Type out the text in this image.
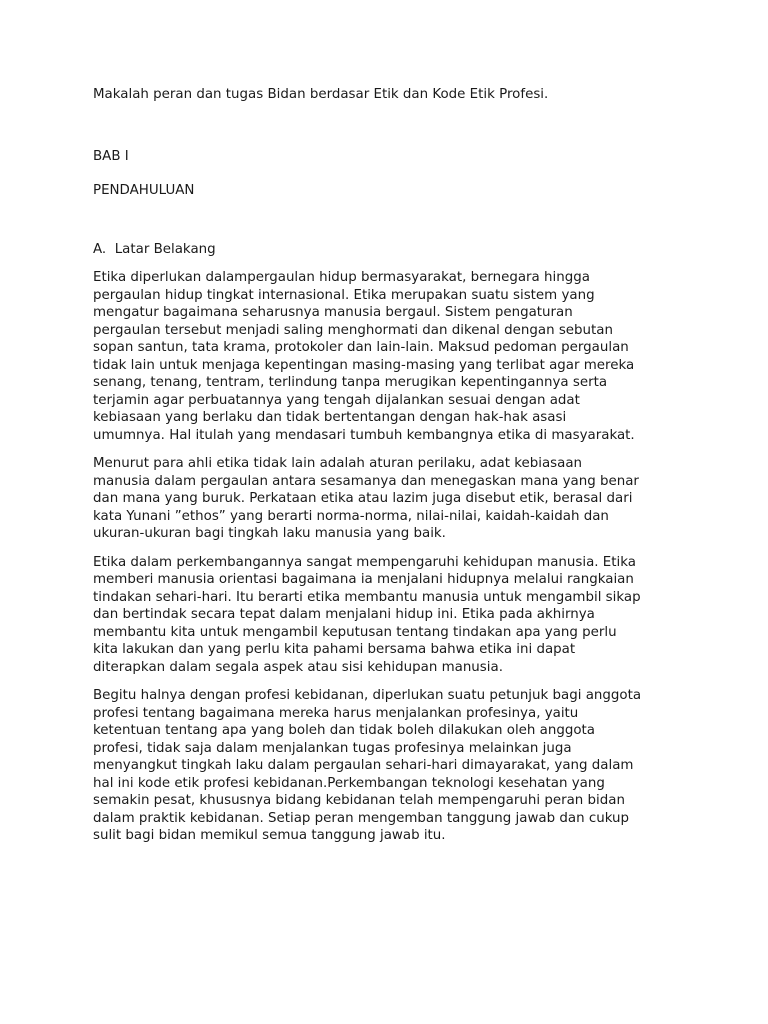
Makalah peran dan tugas Bidan berdasar Etik dan Kode Etik Profesi.
BAB I
PENDAHULUAN
A.  Latar Belakang
Etika diperlukan dalampergaulan hidup bermasyarakat, bernegara hingga
pergaulan hidup tingkat internasional. Etika merupakan suatu sistem yang
mengatur bagaimana seharusnya manusia bergaul. Sistem pengaturan
pergaulan tersebut menjadi saling menghormati dan dikenal dengan sebutan
sopan santun, tata krama, protokoler dan lain-lain. Maksud pedoman pergaulan
tidak lain untuk menjaga kepentingan masing-masing yang terlibat agar mereka
senang, tenang, tentram, terlindung tanpa merugikan kepentingannya serta
terjamin agar perbuatannya yang tengah dijalankan sesuai dengan adat
kebiasaan yang berlaku dan tidak bertentangan dengan hak-hak asasi
umumnya. Hal itulah yang mendasari tumbuh kembangnya etika di masyarakat.
Menurut para ahli etika tidak lain adalah aturan perilaku, adat kebiasaan
manusia dalam pergaulan antara sesamanya dan menegaskan mana yang benar
dan mana yang buruk. Perkataan etika atau lazim juga disebut etik, berasal dari
kata Yunani ”ethos” yang berarti norma-norma, nilai-nilai, kaidah-kaidah dan
ukuran-ukuran bagi tingkah laku manusia yang baik.
Etika dalam perkembangannya sangat mempengaruhi kehidupan manusia. Etika
memberi manusia orientasi bagaimana ia menjalani hidupnya melalui rangkaian
tindakan sehari-hari. Itu berarti etika membantu manusia untuk mengambil sikap
dan bertindak secara tepat dalam menjalani hidup ini. Etika pada akhirnya
membantu kita untuk mengambil keputusan tentang tindakan apa yang perlu
kita lakukan dan yang perlu kita pahami bersama bahwa etika ini dapat
diterapkan dalam segala aspek atau sisi kehidupan manusia.
Begitu halnya dengan profesi kebidanan, diperlukan suatu petunjuk bagi anggota
profesi tentang bagaimana mereka harus menjalankan profesinya, yaitu
ketentuan tentang apa yang boleh dan tidak boleh dilakukan oleh anggota
profesi, tidak saja dalam menjalankan tugas profesinya melainkan juga
menyangkut tingkah laku dalam pergaulan sehari-hari dimayarakat, yang dalam
hal ini kode etik profesi kebidanan.Perkembangan teknologi kesehatan yang
semakin pesat, khususnya bidang kebidanan telah mempengaruhi peran bidan
dalam praktik kebidanan. Setiap peran mengemban tanggung jawab dan cukup
sulit bagi bidan memikul semua tanggung jawab itu.
